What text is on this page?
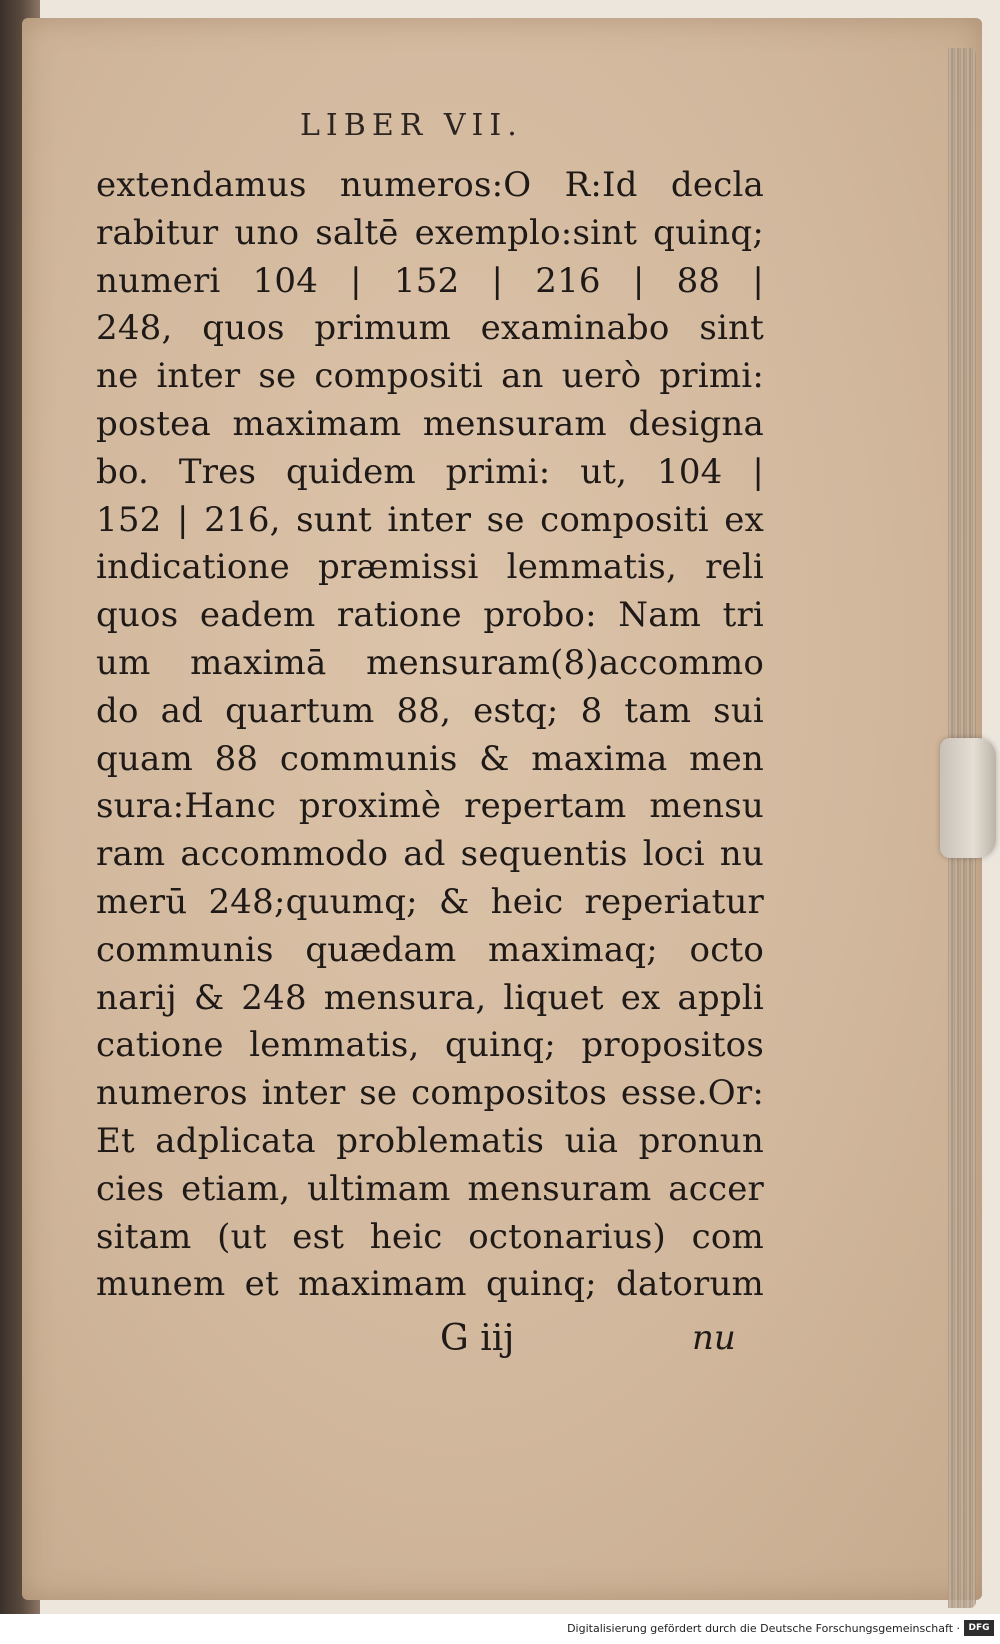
LIBER VII.
extendamus numeros:O R:Id decla
rabitur uno saltē exemplo:sint quinq;
numeri 104 | 152 | 216 | 88 |
248, quos primum examinabo sint
ne inter se compositi an uerò primi:
postea maximam mensuram designa
bo. Tres quidem primi: ut, 104 |
152 | 216, sunt inter se compositi ex
indicatione præmissi lemmatis, reli
quos eadem ratione probo: Nam tri
um maximā mensuram(8)accommo
do ad quartum 88, estq; 8 tam sui
quam 88 communis & maxima men
sura:Hanc proximè repertam mensu
ram accommodo ad sequentis loci nu
merū 248;quumq; & heic reperiatur
communis quædam maximaq; octo
narij & 248 mensura, liquet ex appli
catione lemmatis, quinq; propositos
numeros inter se compositos esse.Or:
Et adplicata problematis uia pronun
cies etiam, ultimam mensuram accer
sitam (ut est heic octonarius) com
munem et maximam quinq; datorum
G iij	nu
Digitalisierung gefördert durch die Deutsche Forschungsgemeinschaft · DFG
